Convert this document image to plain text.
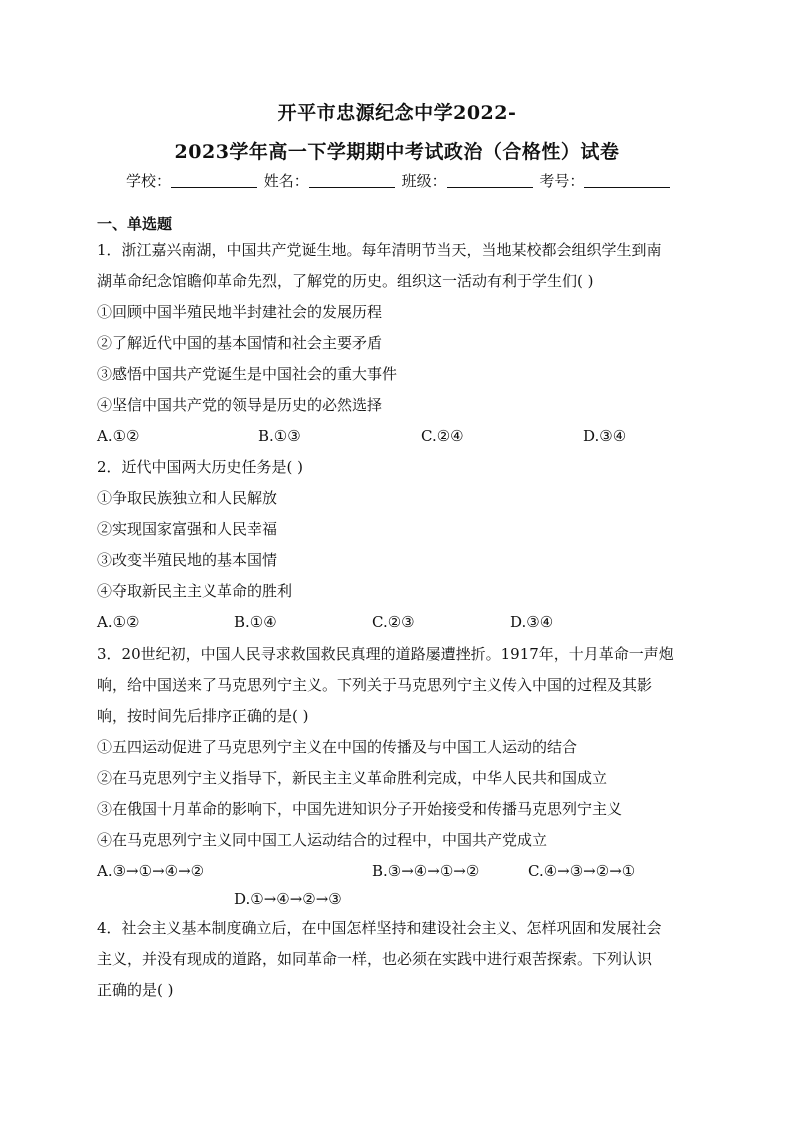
开平市忠源纪念中学2022-
2023学年高一下学期期中考试政治（合格性）试卷
学校：	姓名：	班级：	考号：
一、单选题
1．浙江嘉兴南湖，中国共产党诞生地。每年清明节当天，当地某校都会组织学生到南
湖革命纪念馆瞻仰革命先烈，了解党的历史。组织这一活动有利于学生们( )
①回顾中国半殖民地半封建社会的发展历程
②了解近代中国的基本国情和社会主要矛盾
③感悟中国共产党诞生是中国社会的重大事件
④坚信中国共产党的领导是历史的必然选择
A.①②	B.①③	C.②④	D.③④
2．近代中国两大历史任务是( )
①争取民族独立和人民解放
②实现国家富强和人民幸福
③改变半殖民地的基本国情
④夺取新民主主义革命的胜利
A.①②	B.①④	C.②③	D.③④
3．20世纪初，中国人民寻求救国救民真理的道路屡遭挫折。1917年，十月革命一声炮
响，给中国送来了马克思列宁主义。下列关于马克思列宁主义传入中国的过程及其影
响，按时间先后排序正确的是( )
①五四运动促进了马克思列宁主义在中国的传播及与中国工人运动的结合
②在马克思列宁主义指导下，新民主主义革命胜利完成，中华人民共和国成立
③在俄国十月革命的影响下，中国先进知识分子开始接受和传播马克思列宁主义
④在马克思列宁主义同中国工人运动结合的过程中，中国共产党成立
A.③→①→④→②	B.③→④→①→②	C.④→③→②→①
D.①→④→②→③
4．社会主义基本制度确立后，在中国怎样坚持和建设社会主义、怎样巩固和发展社会
主义，并没有现成的道路，如同革命一样，也必须在实践中进行艰苦探索。下列认识
正确的是( )
